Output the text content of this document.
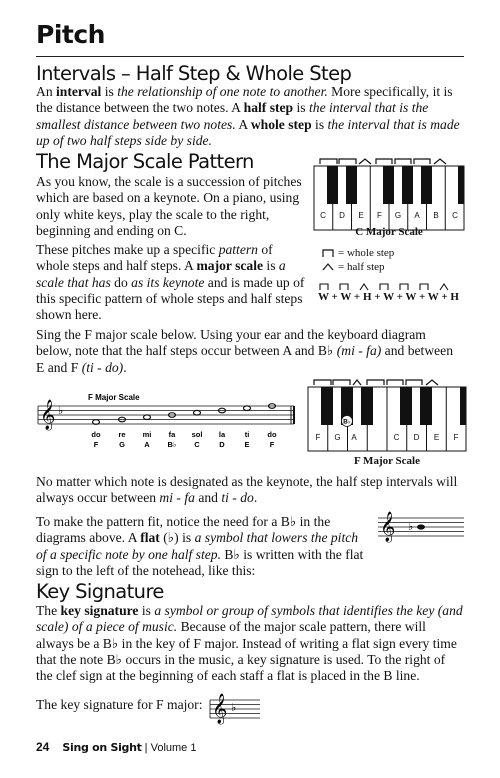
Pitch
Intervals – Half Step & Whole Step
An interval is the relationship of one note to another. More specifically, it is the distance between the two notes. A half step is the interval that is the smallest distance between two notes. A whole step is the interval that is made up of two half steps side by side.
The Major Scale Pattern
As you know, the scale is a succession of pitches which are based on a keynote. On a piano, using only white keys, play the scale to the right, beginning and ending on C.
These pitches make up a specific pattern of whole steps and half steps. A major scale is a scale that has do as its keynote and is made up of this specific pattern of whole steps and half steps shown here.
C D E F G A B C
C Major Scale
= whole step
= half step
W + W + H + W + W + W + H
Sing the F major scale below. Using your ear and the keyboard diagram below, note that the half steps occur between A and B♭ (mi - fa) and between E and F (ti - do).
F Major Scale
𝄞 ♭
do re mi fa sol la	ti do
F	G	A B♭ C	D	E	F
B♭
F G A	C D E F
F Major Scale
No matter which note is designated as the keynote, the half step intervals will always occur between mi - fa and ti - do.
To make the pattern fit, notice the need for a B♭ in the diagrams above. A flat (♭) is a symbol that lowers the pitch of a specific note by one half step. B♭ is written with the flat sign to the left of the notehead, like this:
𝄞 ♭
Key Signature
The key signature is a symbol or group of symbols that identifies the key (and scale) of a piece of music. Because of the major scale pattern, there will always be a B♭ in the key of F major. Instead of writing a flat sign every time that the note B♭ occurs in the music, a key signature is used. To the right of the clef sign at the beginning of each staff a flat is placed in the B line.
The key signature for F major: 𝄞 ♭
24 Sing on Sight | Volume 1
